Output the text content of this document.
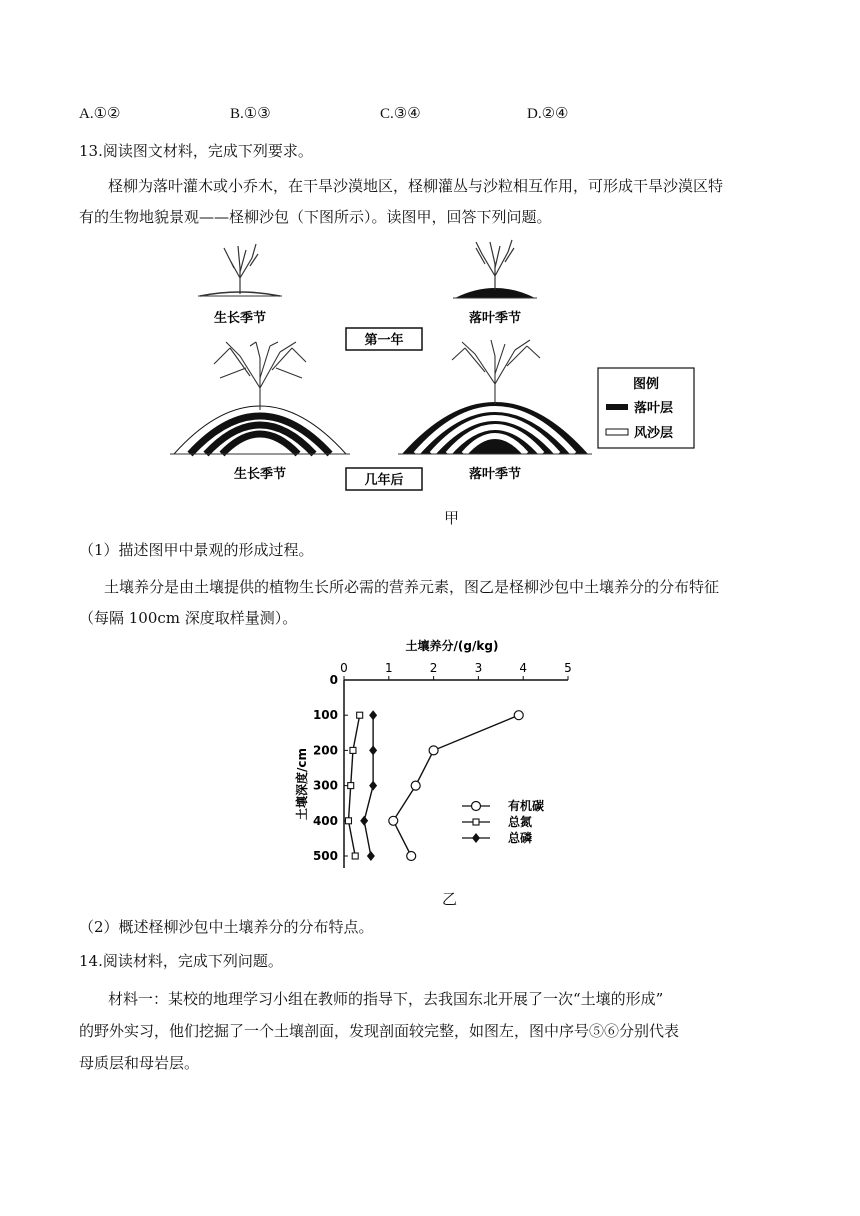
A.①②	B.①③	C.③④	D.②④
13.阅读图文材料，完成下列要求。
柽柳为落叶灌木或小乔木，在干旱沙漠地区，柽柳灌丛与沙粒相互作用，可形成干旱沙漠区特
有的生物地貌景观——柽柳沙包（下图所示）。读图甲，回答下列问题。
生长季节	落叶季节
第一年
生长季节	落叶季节
几年后
图例
落叶层
风沙层
甲
（1）描述图甲中景观的形成过程。
土壤养分是由土壤提供的植物生长所必需的营养元素，图乙是柽柳沙包中土壤养分的分布特征
（每隔 100cm 深度取样量测）。
土壤养分/(g/kg)
土壤深度/cm
0	1	2	3	4	5
0
100
200
300
400
500
有机碳
总氮
总磷
乙
（2）概述柽柳沙包中土壤养分的分布特点。
14.阅读材料，完成下列问题。
材料一：某校的地理学习小组在教师的指导下，去我国东北开展了一次“土壤的形成”
的野外实习，他们挖掘了一个土壤剖面，发现剖面较完整，如图左，图中序号⑤⑥分别代表
母质层和母岩层。
